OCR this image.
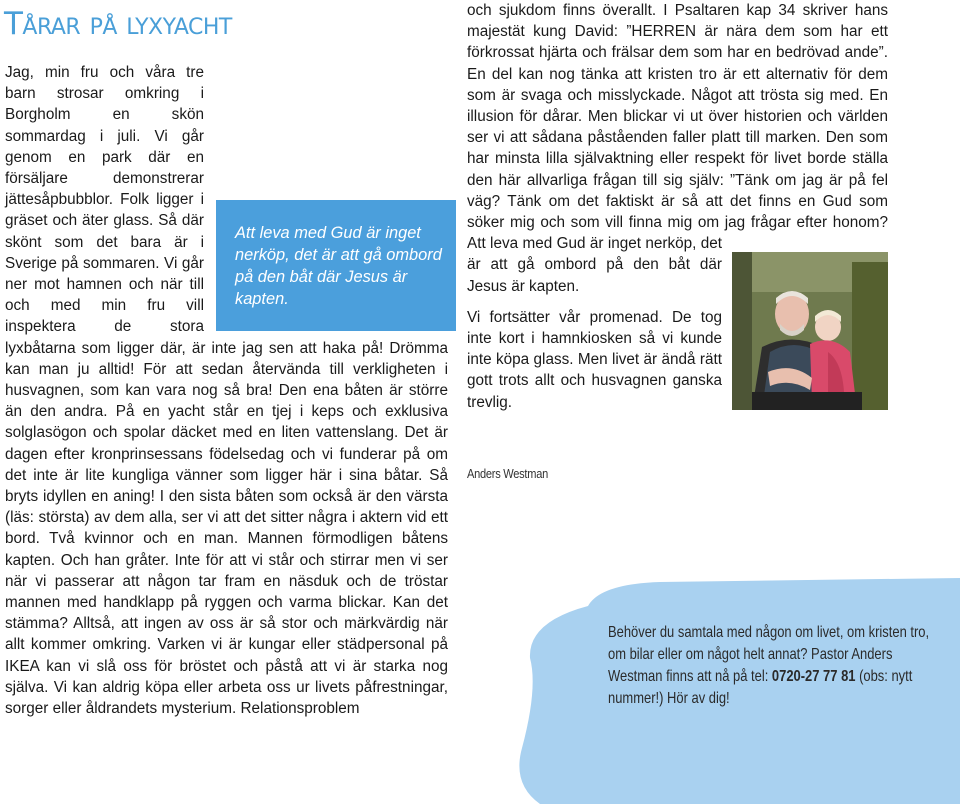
Tårar på lyxyacht
Att leva med Gud är inget nerköp, det är att gå ombord på den båt där Jesus är kapten.

Jag, min fru och våra tre barn strosar omkring i Borgholm en skön sommardag i juli. Vi går genom en park där en försäljare demonstrerar jättesåpbubblor. Folk ligger i gräset och äter glass. Så där skönt som det bara är i Sverige på sommaren. Vi går ner mot hamnen och när till och med min fru vill inspektera de stora lyxbåtarna som ligger där, är inte jag sen att haka på! Drömma kan man ju alltid! För att sedan återvända till verkligheten i husvagnen, som kan vara nog så bra! Den ena båten är större än den andra. På en yacht står en tjej i keps och exklusiva solglasögon och spolar däcket med en liten vattenslang. Det är dagen efter kronprinsessans födelsedag och vi funderar på om det inte är lite kungliga vänner som ligger här i sina båtar. Så bryts idyllen en aning! I den sista båten som också är den värsta (läs: största) av dem alla, ser vi att det sitter några i aktern vid ett bord. Två kvinnor och en man. Mannen förmodligen båtens kapten. Och han gråter. Inte för att vi står och stirrar men vi ser när vi passerar att någon tar fram en näsduk och de tröstar mannen med handklapp på ryggen och varma blickar. Kan det stämma? Alltså, att ingen av oss är så stor och märkvärdig när allt kommer omkring. Varken vi är kungar eller städpersonal på IKEA kan vi slå oss för bröstet och påstå att vi är starka nog själva. Vi kan aldrig köpa eller arbeta oss ur livets påfrestningar, sorger eller åldrandets mysterium. Relationsproblem

och sjukdom finns överallt. I Psaltaren kap 34 skriver hans majestät kung David: ”HERREN är nära dem som har ett förkrossat hjärta och frälsar dem som har en bedrövad ande”. En del kan nog tänka att kristen tro är ett alternativ för dem som är svaga och misslyckade. Något att trösta sig med. En illusion för dårar. Men blickar vi ut över historien och världen ser vi att sådana påståenden faller platt till marken. Den som har minsta lilla självaktning eller respekt för livet borde ställa den här allvarliga frågan till sig själv: ”Tänk om jag är på fel väg? Tänk om det faktiskt är så att det finns en Gud som söker mig och som vill finna mig om jag frågar efter honom? Att leva med Gud är inget nerköp, det är att gå ombord på den båt där Jesus är kapten.

Vi fortsätter vår promenad. De tog inte kort i hamnkiosken så vi kunde inte köpa glass. Men livet är ändå rätt gott trots allt och husvagnen ganska trevlig.

Anders Westman
Behöver du samtala med någon om livet, om kristen tro, om bilar eller om något helt annat? Pastor Anders Westman finns att nå på tel: 0720-27 77 81 (obs: nytt nummer!) Hör av dig!
